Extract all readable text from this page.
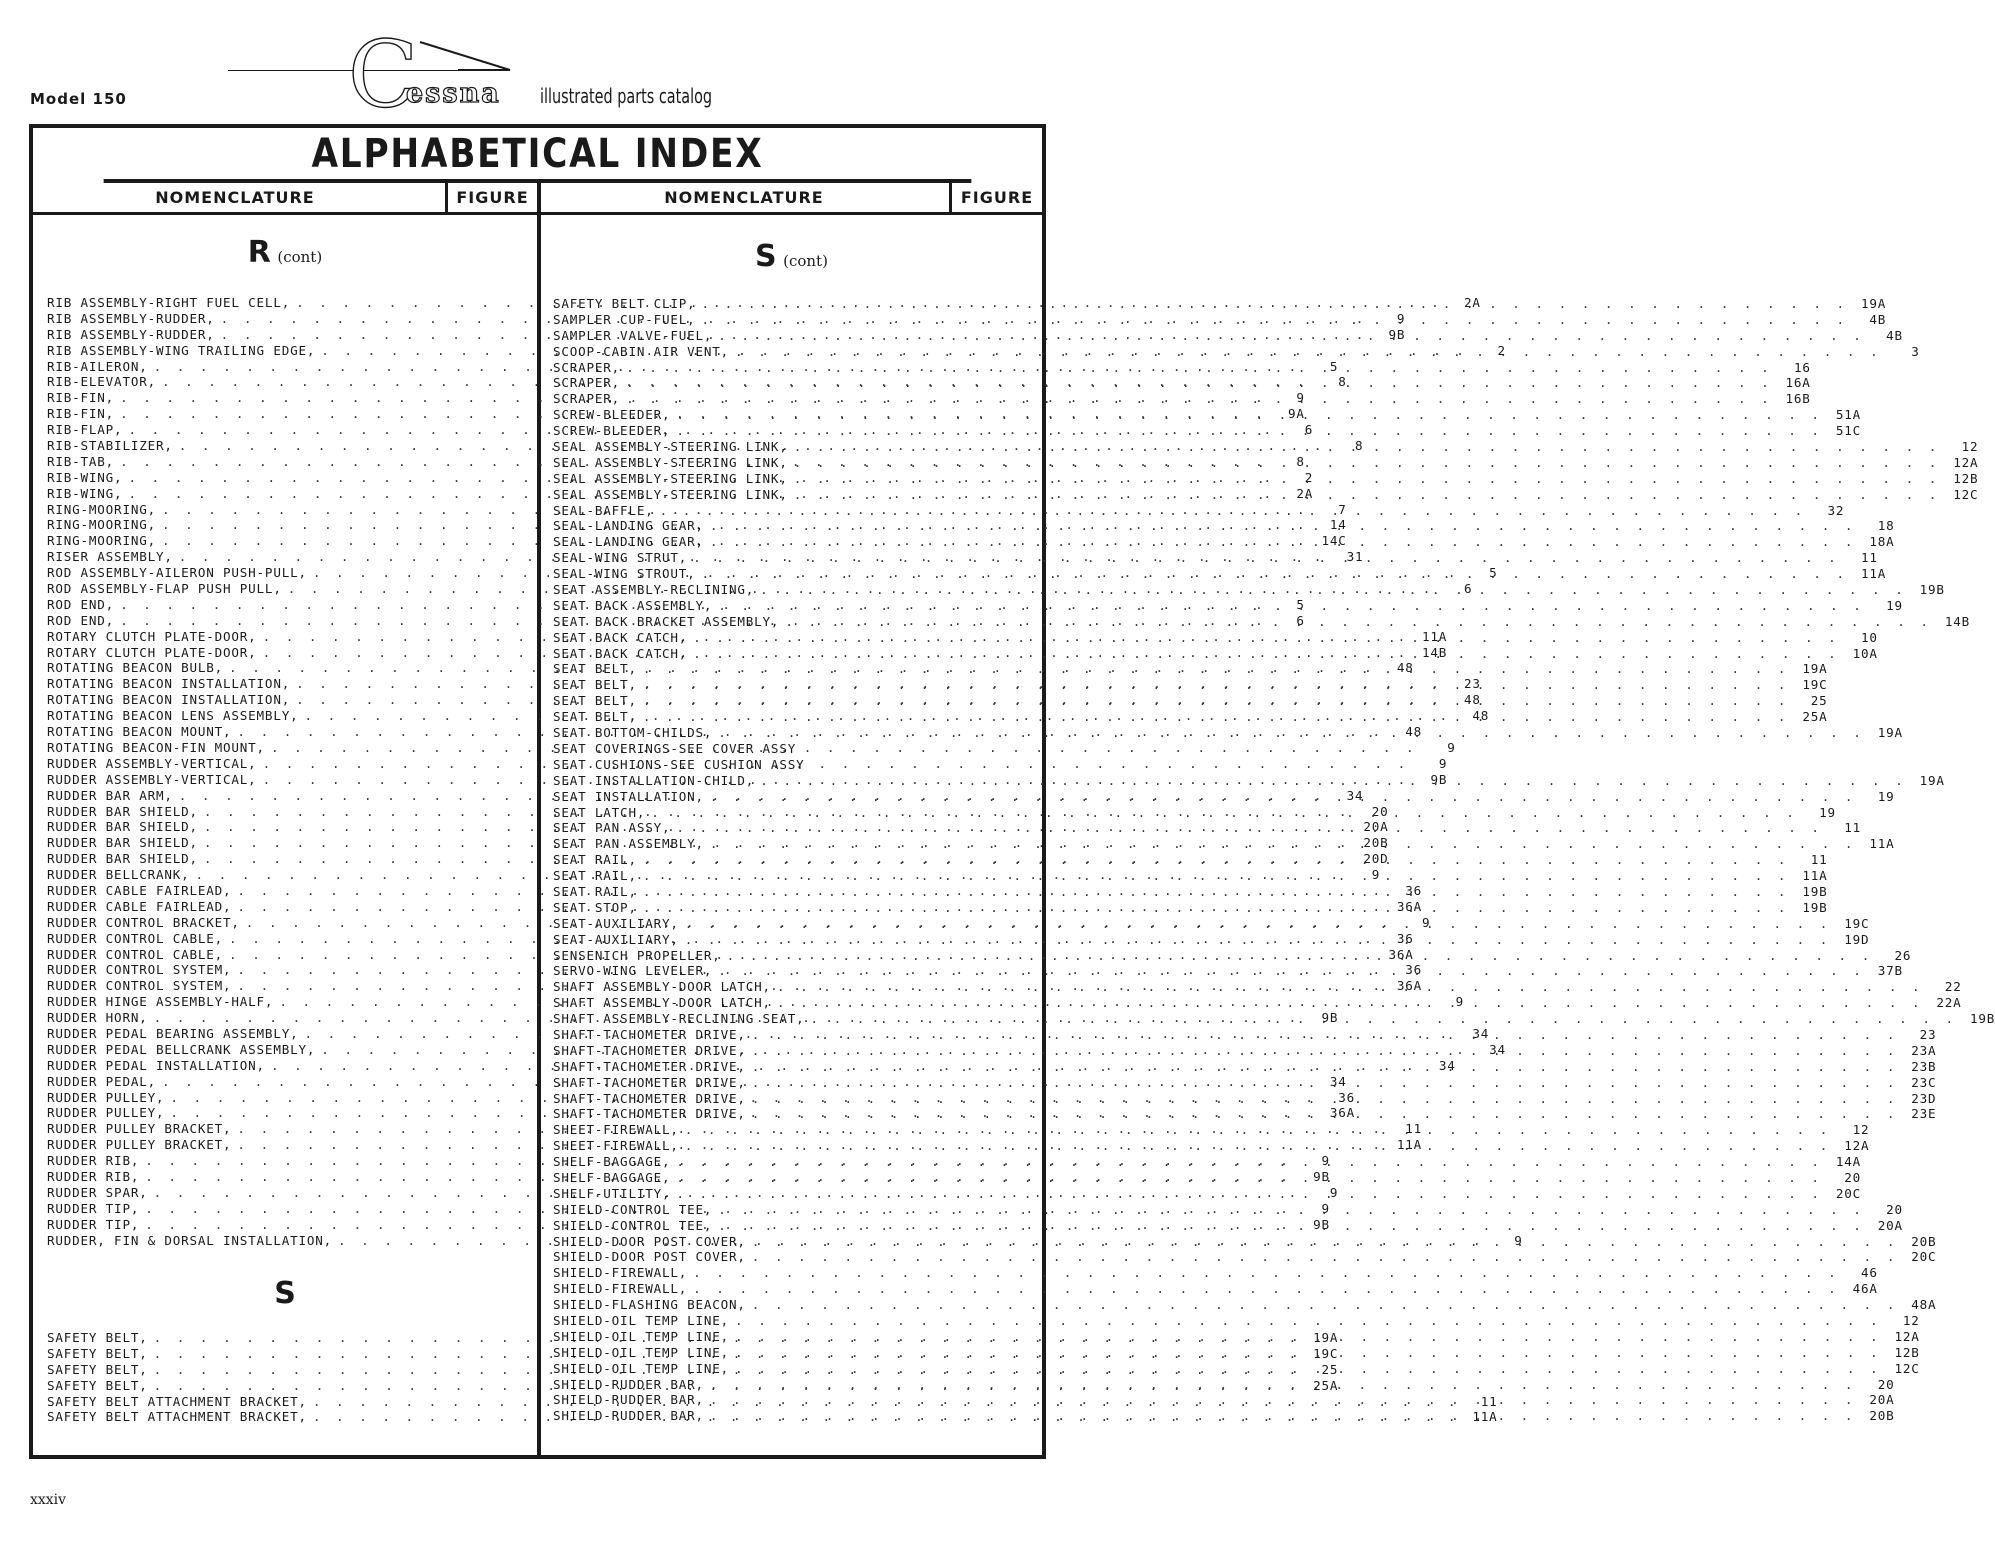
Model 150 C
essna illustrated parts catalog
ALPHABETICAL INDEX
NOMENCLATURE	FIGURE
R (cont)
RIB ASSEMBLY-RIGHT FUEL CELL, . . .	2A
RIB ASSEMBLY-RUDDER, . . .	9
RIB ASSEMBLY-RUDDER, . . .	9B
RIB ASSEMBLY-WING TRAILING EDGE, . . .	2
RIB-AILERON, . . .	5
RIB-ELEVATOR, . . .	8
RIB-FIN, . . .	9
RIB-FIN, . . .	9A
RIB-FLAP, . . .	6
RIB-STABILIZER, . . .	8
RIB-TAB, . . .	8
RIB-WING, . . .	2
RIB-WING, . . .	2A
RING-MOORING, . . .	7
RING-MOORING, . . .	14
RING-MOORING, . . .	14C
RISER ASSEMBLY, . . .	31
ROD ASSEMBLY-AILERON PUSH-PULL, . . .	5
ROD ASSEMBLY-FLAP PUSH PULL, . . .	6
ROD END, . . .	5
ROD END, . . .	6
ROTARY CLUTCH PLATE-DOOR, . . .	11A
ROTARY CLUTCH PLATE-DOOR, . . .	14B
ROTATING BEACON BULB, . . .	48
ROTATING BEACON INSTALLATION, . . .	23
ROTATING BEACON INSTALLATION, . . .	48
ROTATING BEACON LENS ASSEMBLY, . . .	48
ROTATING BEACON MOUNT, . . .	48
ROTATING BEACON-FIN MOUNT, . . .	9
RUDDER ASSEMBLY-VERTICAL, . . .	9
RUDDER ASSEMBLY-VERTICAL, . . .	9B
RUDDER BAR ARM, . . .	34
RUDDER BAR SHIELD, . . .	20
RUDDER BAR SHIELD, . . .	20A
RUDDER BAR SHIELD, . . .	20B
RUDDER BAR SHIELD, . . .	20D
RUDDER BELLCRANK, . . .	9
RUDDER CABLE FAIRLEAD, . . .	36
RUDDER CABLE FAIRLEAD, . . .	36A
RUDDER CONTROL BRACKET, . . .	9
RUDDER CONTROL CABLE, . . .	36
RUDDER CONTROL CABLE, . . .	36A
RUDDER CONTROL SYSTEM, . . .	36
RUDDER CONTROL SYSTEM, . . .	36A
RUDDER HINGE ASSEMBLY-HALF, . . .	9
RUDDER HORN, . . .	9B
RUDDER PEDAL BEARING ASSEMBLY, . . .	34
RUDDER PEDAL BELLCRANK ASSEMBLY, . . .	34
RUDDER PEDAL INSTALLATION, . . .	34
RUDDER PEDAL, . . .	34
RUDDER PULLEY, . . .	36
RUDDER PULLEY, . . .	36A
RUDDER PULLEY BRACKET, . . .	11
RUDDER PULLEY BRACKET, . . .	11A
RUDDER RIB, . . .	9
RUDDER RIB, . . .	9B
RUDDER SPAR, . . .	9
RUDDER TIP, . . .	9
RUDDER TIP, . . .	9B
RUDDER, FIN & DORSAL INSTALLATION, . . .	9
S
SAFETY BELT, . . .	19A
SAFETY BELT, . . .	19C
SAFETY BELT, . . .	25
SAFETY BELT, . . .	25A
SAFETY BELT ATTACHMENT BRACKET, . . .	11
SAFETY BELT ATTACHMENT BRACKET, . . .	11A
NOMENCLATURE	FIGURE
S (cont)
SAFETY BELT CLIP, . . .	19A
SAMPLER CUP-FUEL, . . .	4B
SAMPLER VALVE-FUEL, . . .	4B
SCOOP-CABIN AIR VENT, . . .	3
SCRAPER, . . .	16
SCRAPER, . . .	16A
SCRAPER, . . .	16B
SCREW-BLEEDER, . . .	51A
SCREW-BLEEDER, . . .	51C
SEAL ASSEMBLY-STEERING LINK, . . .	12
SEAL ASSEMBLY-STEERING LINK, . . .	12A
SEAL ASSEMBLY-STEERING LINK, . . .	12B
SEAL ASSEMBLY-STEERING LINK, . . .	12C
SEAL-BAFFLE, . . .	32
SEAL-LANDING GEAR, . . .	18
SEAL-LANDING GEAR, . . .	18A
SEAL-WING STRUT, . . .	11
SEAL-WING STROUT, . . .	11A
SEAT ASSEMBLY-RECLINING, . . .	19B
SEAT BACK ASSEMBLY, . . .	19
SEAT BACK BRACKET ASSEMBLY, . . .	14B
SEAT BACK CATCH, . . .	10
SEAT BACK CATCH, . . .	10A
SEAT BELT, . . .	19A
SEAT BELT, . . .	19C
SEAT BELT, . . .	25
SEAT BELT, . . .	25A
SEAT BOTTOM-CHILDS, . . .	19A
SEAT COVERINGS-SEE COVER ASSY
SEAT CUSHIONS-SEE CUSHION ASSY
SEAT INSTALLATION-CHILD, . . .	19A
SEAT INSTALLATION, . . .	19
SEAT LATCH, . . .	19
SEAT PAN ASSY, . . .	11
SEAT PAN ASSEMBLY, . . .	11A
SEAT RAIL, . . .	11
SEAT RAIL, . . .	11A
SEAT RAIL, . . .	19B
SEAT STOP, . . .	19B
SEAT-AUXILIARY, . . .	19C
SEAT-AUXILIARY, . . .	19D
SENSENICH PROPELLER, . . .	26
SERVO-WING LEVELER, . . .	37B
SHAFT ASSEMBLY-DOOR LATCH, . . .	22
SHAFT ASSEMBLY-DOOR LATCH, . . .	22A
SHAFT ASSEMBLY-RECLINING SEAT, . . .	19B
SHAFT-TACHOMETER DRIVE, . . .	23
SHAFT-TACHOMETER DRIVE, . . .	23A
SHAFT-TACHOMETER DRIVE, . . .	23B
SHAFT-TACHOMETER DRIVE, . . .	23C
SHAFT-TACHOMETER DRIVE, . . .	23D
SHAFT-TACHOMETER DRIVE, . . .	23E
SHEET-FIREWALL, . . .	12
SHEET-FIREWALL, . . .	12A
SHELF-BAGGAGE, . . .	14A
SHELF-BAGGAGE, . . .	20
SHELF-UTILITY, . . .	20C
SHIELD-CONTROL TEE, . . .	20
SHIELD-CONTROL TEE, . . .	20A
SHIELD-DOOR POST COVER, . . .	20B
SHIELD-DOOR POST COVER, . . .	20C
SHIELD-FIREWALL, . . .	46
SHIELD-FIREWALL, . . .	46A
SHIELD-FLASHING BEACON, . . .	48A
SHIELD-OIL TEMP LINE, . . .	12
SHIELD-OIL TEMP LINE, . . .	12A
SHIELD-OIL TEMP LINE, . . .	12B
SHIELD-OIL TEMP LINE, . . .	12C
SHIELD-RUDDER BAR, . . .	20
SHIELD-RUDDER BAR, . . .	20A
SHIELD-RUDDER BAR, . . .	20B
xxxiv
